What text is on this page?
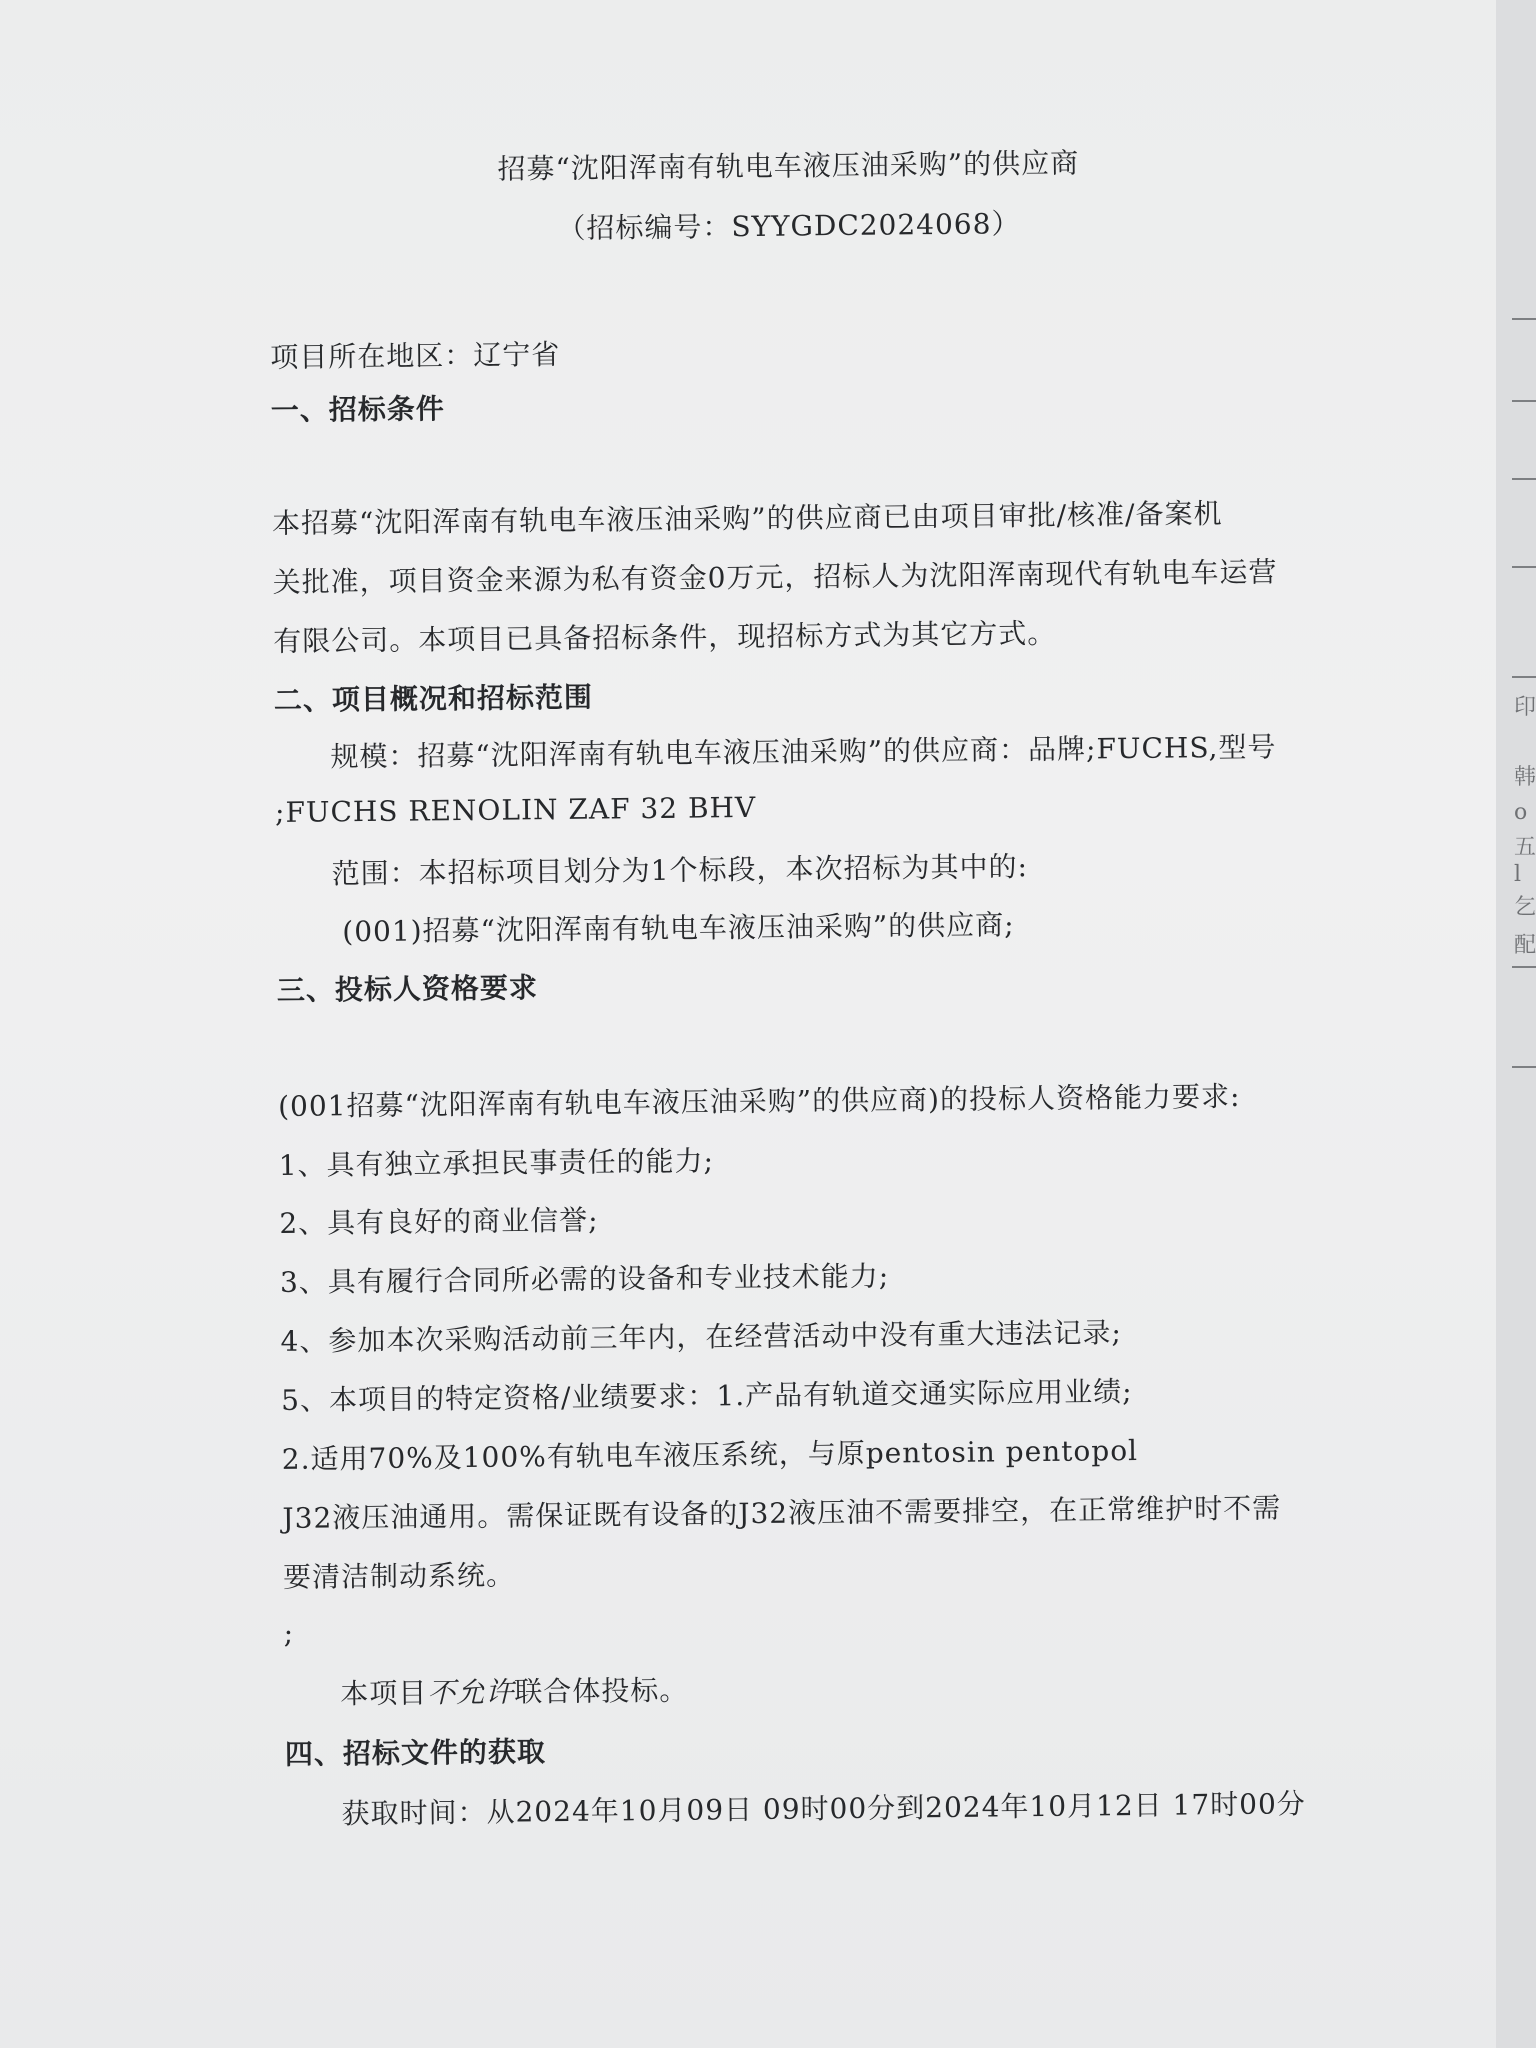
招募“沈阳浑南有轨电车液压油采购”的供应商
（招标编号：SYYGDC2024068）
项目所在地区：辽宁省
一、招标条件
本招募“沈阳浑南有轨电车液压油采购”的供应商已由项目审批/核准/备案机
关批准，项目资金来源为私有资金0万元，招标人为沈阳浑南现代有轨电车运营
有限公司。本项目已具备招标条件，现招标方式为其它方式。
二、项目概况和招标范围
规模：招募“沈阳浑南有轨电车液压油采购”的供应商：品牌;FUCHS,型号
;FUCHS RENOLIN ZAF 32 BHV
范围：本招标项目划分为1个标段，本次招标为其中的:
(001)招募“沈阳浑南有轨电车液压油采购”的供应商;
三、投标人资格要求
(001招募“沈阳浑南有轨电车液压油采购”的供应商)的投标人资格能力要求:
1、具有独立承担民事责任的能力;
2、具有良好的商业信誉;
3、具有履行合同所必需的设备和专业技术能力;
4、参加本次采购活动前三年内，在经营活动中没有重大违法记录;
5、本项目的特定资格/业绩要求：1.产品有轨道交通实际应用业绩;
2.适用70%及100%有轨电车液压系统，与原pentosin pentopol
J32液压油通用。需保证既有设备的J32液压油不需要排空，在正常维护时不需
要清洁制动系统。
;
本项目不允许联合体投标。
四、招标文件的获取
获取时间：从2024年10月09日 09时00分到2024年10月12日 17时00分
印
韩
o
五
l
乞
配
